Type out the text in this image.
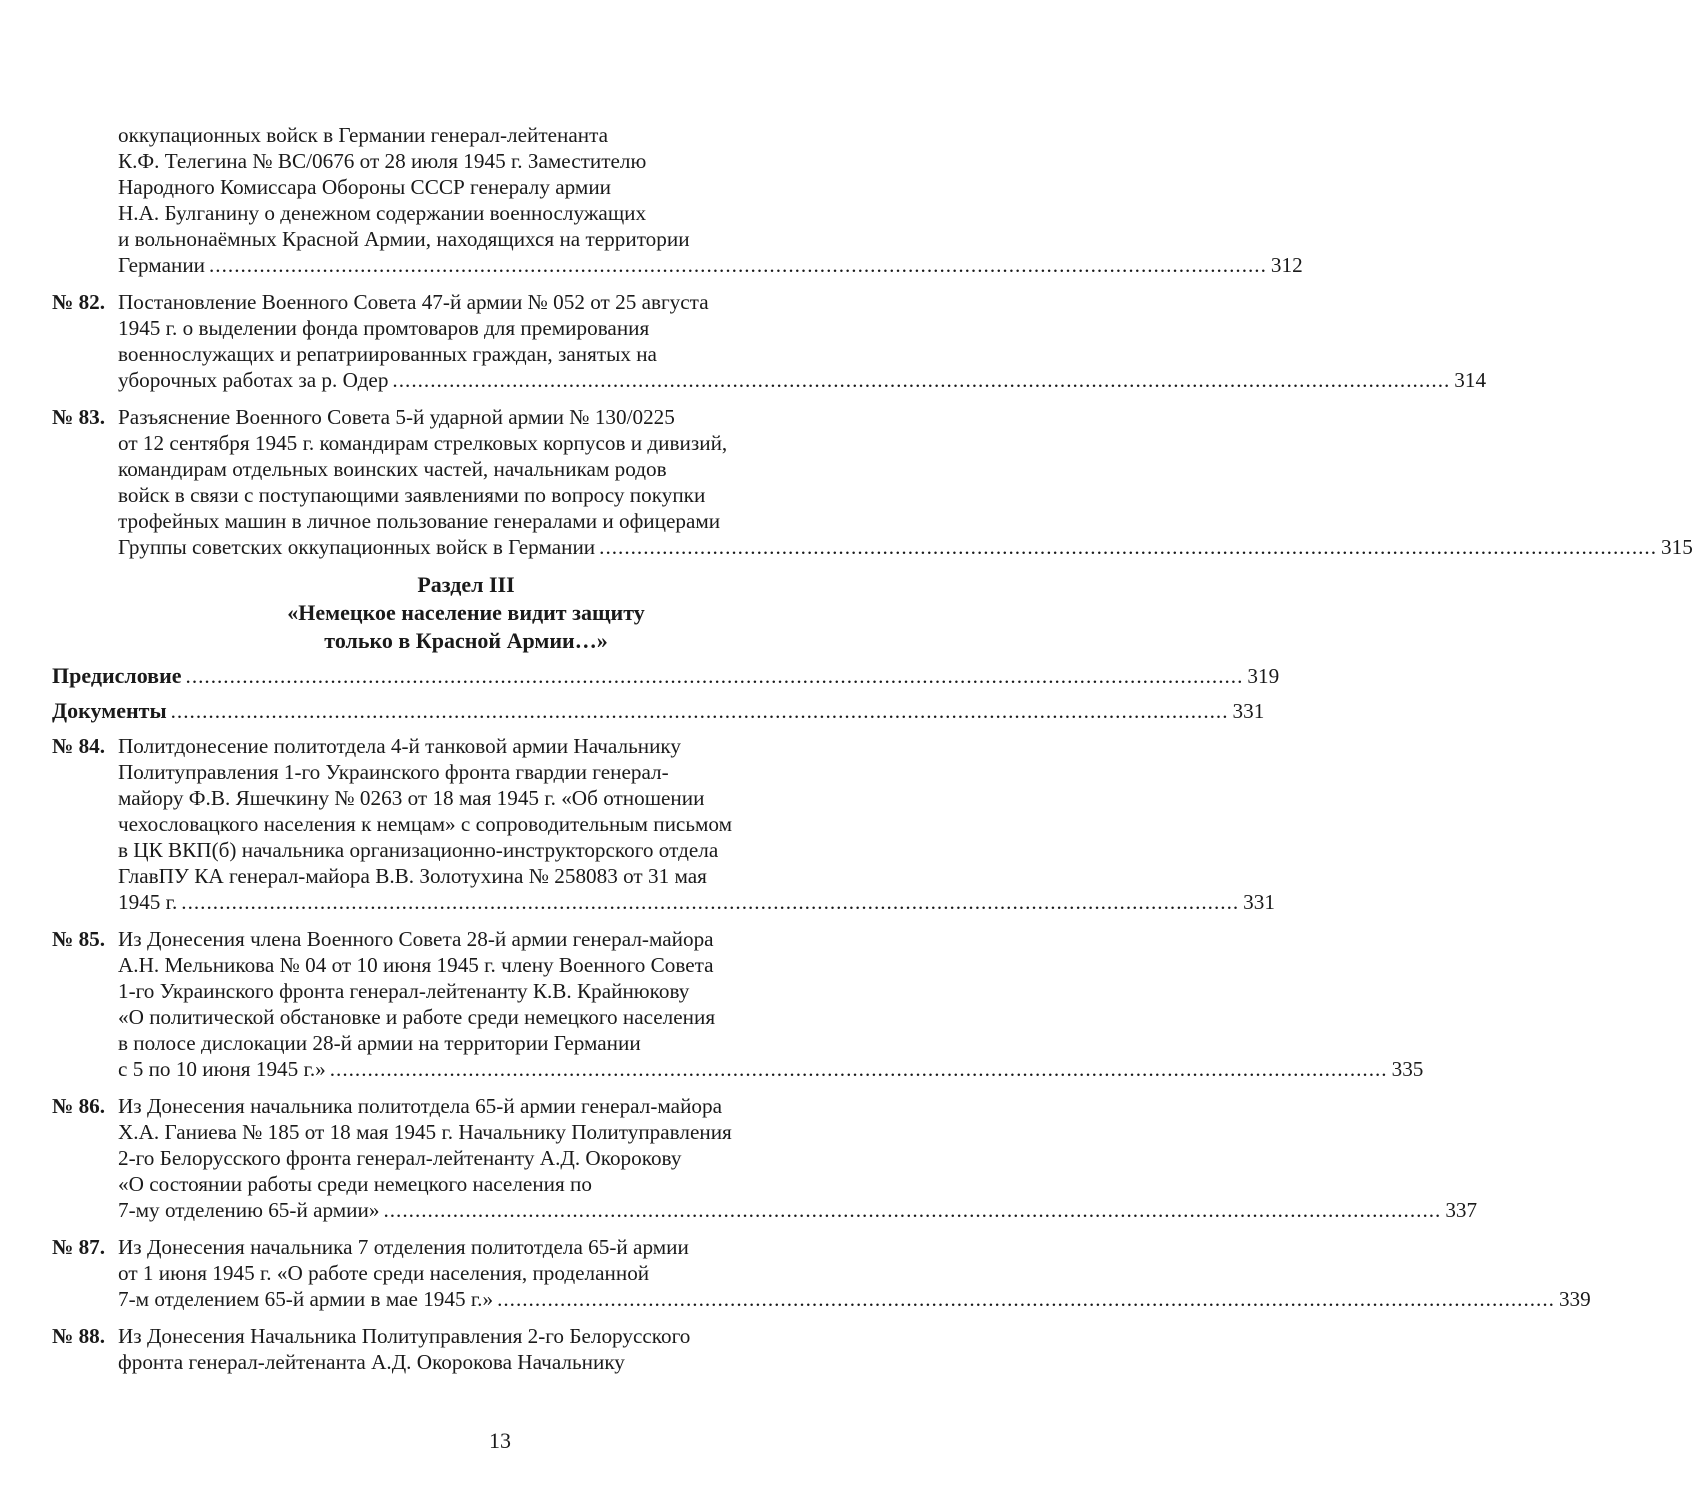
оккупационных войск в Германии генерал-лейтенанта
К.Ф. Телегина № ВС/0676 от 28 июля 1945 г. Заместителю
Народного Комиссара Обороны СССР генералу армии
Н.А. Булганину о денежном содержании военнослужащих
и вольнонаёмных Красной Армии, находящихся на территории
Германии ........................................................................................................................................................................ 312
№ 82. Постановление Военного Совета 47-й армии № 052 от 25 августа
1945 г. о выделении фонда промтоваров для премирования
военнослужащих и репатриированных граждан, занятых на
уборочных работах за р. Одер ........................................................................................................................................................................ 314
№ 83. Разъяснение Военного Совета 5-й ударной армии № 130/0225
от 12 сентября 1945 г. командирам стрелковых корпусов и дивизий,
командирам отдельных воинских частей, начальникам родов
войск в связи с поступающими заявлениями по вопросу покупки
трофейных машин в личное пользование генералами и офицерами
Группы советских оккупационных войск в Германии ........................................................................................................................................................................ 315
Раздел III
«Немецкое население видит защиту
только в Красной Армии…»
Предисловие ........................................................................................................................................................................ 319
Документы ........................................................................................................................................................................ 331
№ 84. Политдонесение политотдела 4-й танковой армии Начальнику
Политуправления 1-го Украинского фронта гвардии генерал-
майору Ф.В. Яшечкину № 0263 от 18 мая 1945 г. «Об отношении
чехословацкого населения к немцам» с сопроводительным письмом
в ЦК ВКП(б) начальника организационно-инструкторского отдела
ГлавПУ КА генерал-майора В.В. Золотухина № 258083 от 31 мая
1945 г. ........................................................................................................................................................................ 331
№ 85. Из Донесения члена Военного Совета 28-й армии генерал-майора
А.Н. Мельникова № 04 от 10 июня 1945 г. члену Военного Совета
1-го Украинского фронта генерал-лейтенанту К.В. Крайнюкову
«О политической обстановке и работе среди немецкого населения
в полосе дислокации 28-й армии на территории Германии
с 5 по 10 июня 1945 г.» ........................................................................................................................................................................ 335
№ 86. Из Донесения начальника политотдела 65-й армии генерал-майора
Х.А. Ганиева № 185 от 18 мая 1945 г. Начальнику Политуправления
2-го Белорусского фронта генерал-лейтенанту А.Д. Окорокову
«О состоянии работы среди немецкого населения по
7-му отделению 65-й армии» ........................................................................................................................................................................ 337
№ 87. Из Донесения начальника 7 отделения политотдела 65-й армии
от 1 июня 1945 г. «О работе среди населения, проделанной
7-м отделением 65-й армии в мае 1945 г.» ........................................................................................................................................................................ 339
№ 88. Из Донесения Начальника Политуправления 2-го Белорусского
фронта генерал-лейтенанта А.Д. Окорокова Начальнику
13
